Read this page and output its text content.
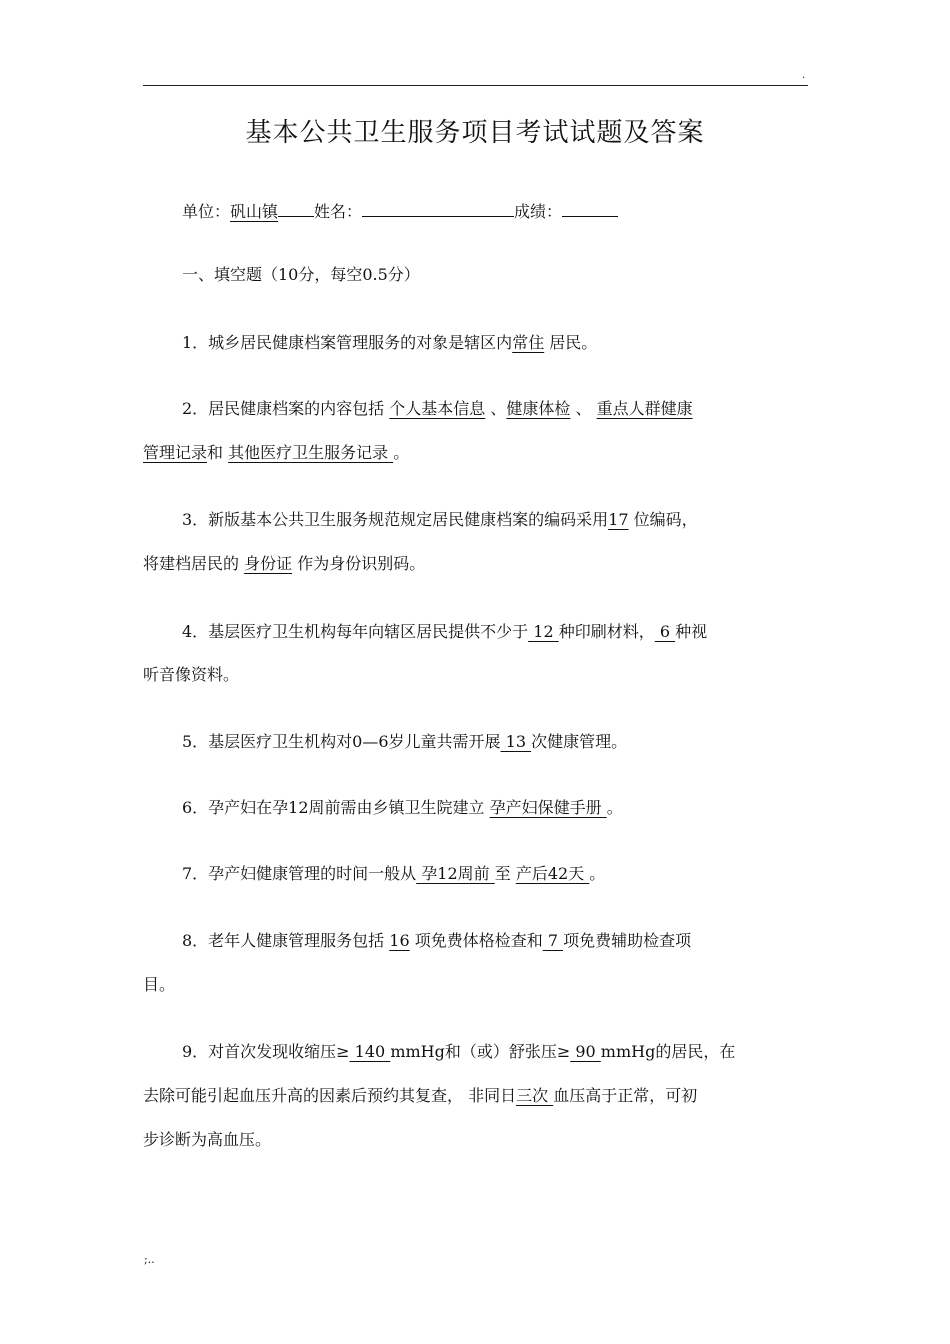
.
基本公共卫生服务项目考试试题及答案
单位：矾山镇 姓名：	成绩：
一、填空题（10分，每空0.5分）
1．城乡居民健康档案管理服务的对象是辖区内常住 居民。
2．居民健康档案的内容包括 个人基本信息 、健康体检 、 重点人群健康
管理记录和 其他医疗卫生服务记录 。
3．新版基本公共卫生服务规范规定居民健康档案的编码采用17 位编码，
将建档居民的 身份证 作为身份识别码。
4．基层医疗卫生机构每年向辖区居民提供不少于 12 种印刷材料， 6 种视
听音像资料。
5．基层医疗卫生机构对0—6岁儿童共需开展 13 次健康管理。
6．孕产妇在孕12周前需由乡镇卫生院建立 孕产妇保健手册 。
7．孕产妇健康管理的时间一般从 孕12周前 至 产后42天 。
8．老年人健康管理服务包括 16 项免费体格检查和 7 项免费辅助检查项
目。
9．对首次发现收缩压≥ 140 mmHg和（或）舒张压≥ 90 mmHg的居民，在
去除可能引起血压升高的因素后预约其复查， 非同日三次 血压高于正常，可初
步诊断为高血压。
;..
